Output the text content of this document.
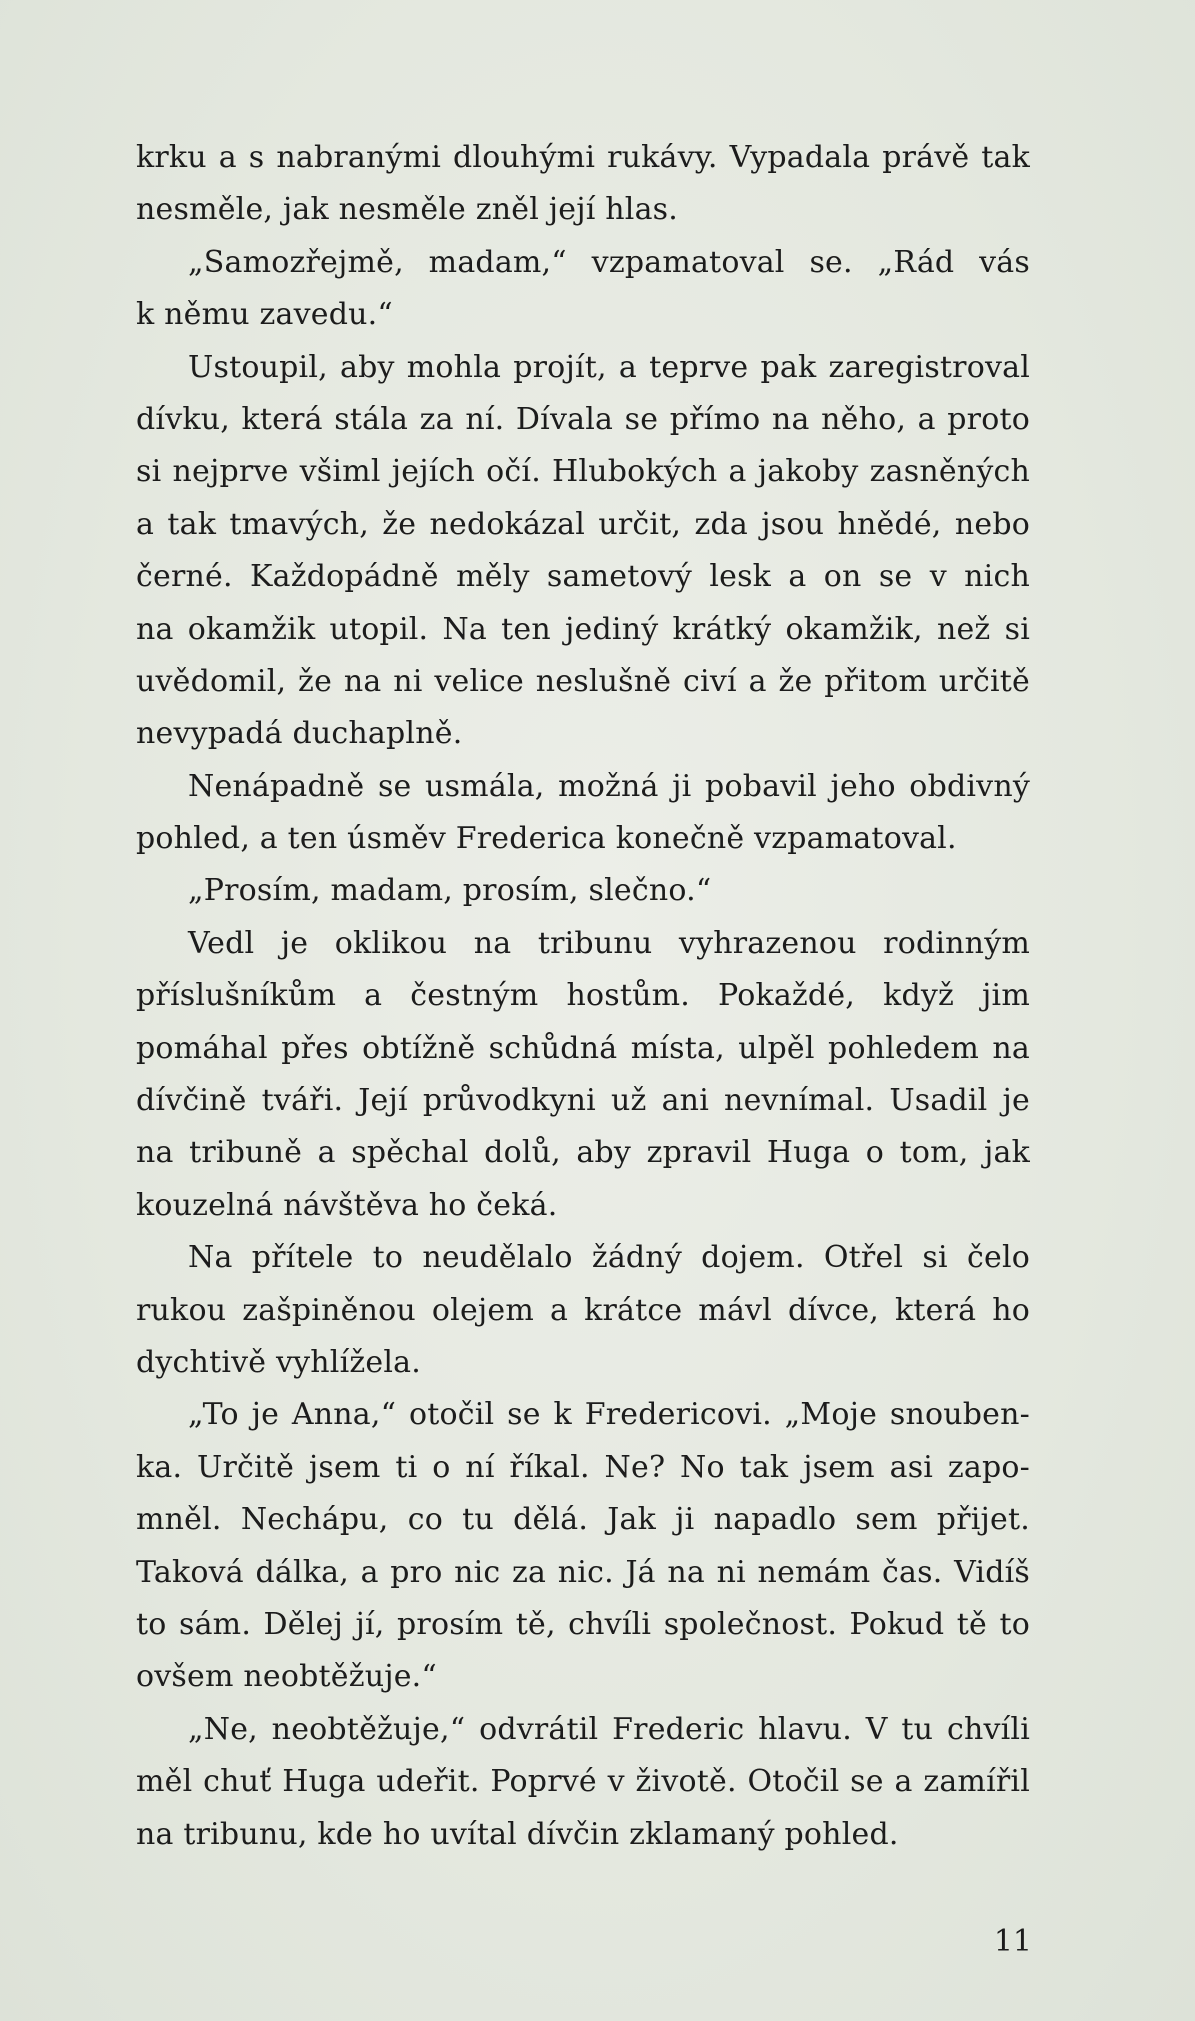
krku a s nabranými dlouhými rukávy. Vypadala právě tak
nesměle, jak nesměle zněl její hlas.
„Samozřejmě, madam,“ vzpamatoval se. „Rád vás
k němu zavedu.“
Ustoupil, aby mohla projít, a teprve pak zaregistroval
dívku, která stála za ní. Dívala se přímo na něho, a proto
si nejprve všiml jejích očí. Hlubokých a jakoby zasněných
a tak tmavých, že nedokázal určit, zda jsou hnědé, nebo
černé. Každopádně měly sametový lesk a on se v nich
na okamžik utopil. Na ten jediný krátký okamžik, než si
uvědomil, že na ni velice neslušně civí a že přitom určitě
nevypadá duchaplně.
Nenápadně se usmála, možná ji pobavil jeho obdivný
pohled, a ten úsměv Frederica konečně vzpamatoval.
„Prosím, madam, prosím, slečno.“
Vedl je oklikou na tribunu vyhrazenou rodinným
příslušníkům a čestným hostům. Pokaždé, když jim
pomáhal přes obtížně schůdná místa, ulpěl pohledem na
dívčině tváři. Její průvodkyni už ani nevnímal. Usadil je
na tribuně a spěchal dolů, aby zpravil Huga o tom, jak
kouzelná návštěva ho čeká.
Na přítele to neudělalo žádný dojem. Otřel si čelo
rukou zašpiněnou olejem a krátce mávl dívce, která ho
dychtivě vyhlížela.
„To je Anna,“ otočil se k Fredericovi. „Moje snouben-
ka. Určitě jsem ti o ní říkal. Ne? No tak jsem asi zapo-
mněl. Nechápu, co tu dělá. Jak ji napadlo sem přijet.
Taková dálka, a pro nic za nic. Já na ni nemám čas. Vidíš
to sám. Dělej jí, prosím tě, chvíli společnost. Pokud tě to
ovšem neobtěžuje.“
„Ne, neobtěžuje,“ odvrátil Frederic hlavu. V tu chvíli
měl chuť Huga udeřit. Poprvé v životě. Otočil se a zamířil
na tribunu, kde ho uvítal dívčin zklamaný pohled.
11
